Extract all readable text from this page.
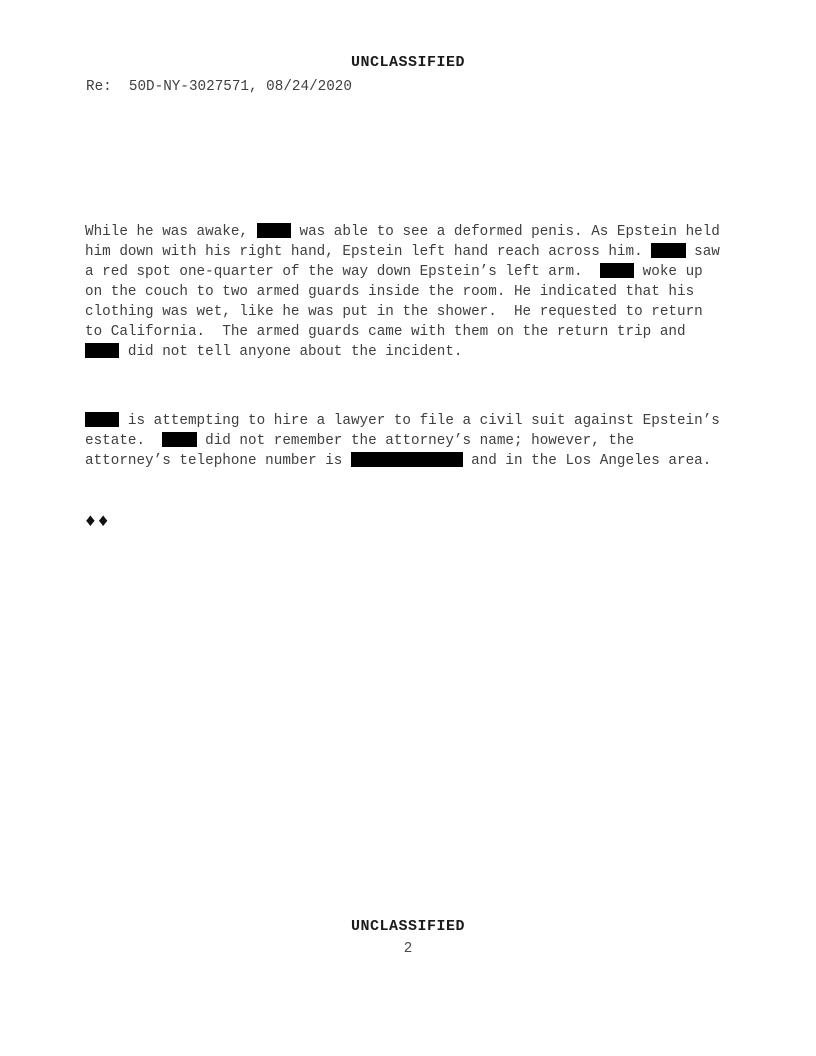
UNCLASSIFIED
Re:  50D-NY-3027571, 08/24/2020
While he was awake,  was able to see a deformed penis. As Epstein held
him down with his right hand, Epstein left hand reach across him.  saw
a red spot one-quarter of the way down Epstein’s left arm.   woke up
on the couch to two armed guards inside the room. He indicated that his
clothing was wet, like he was put in the shower.  He requested to return
to California.  The armed guards came with them on the return trip and
did not tell anyone about the incident.
is attempting to hire a lawyer to file a civil suit against Epstein’s
estate.   did not remember the attorney’s name; however, the
attorney’s telephone number is	and in the Los Angeles area.
♦♦
UNCLASSIFIED
2
